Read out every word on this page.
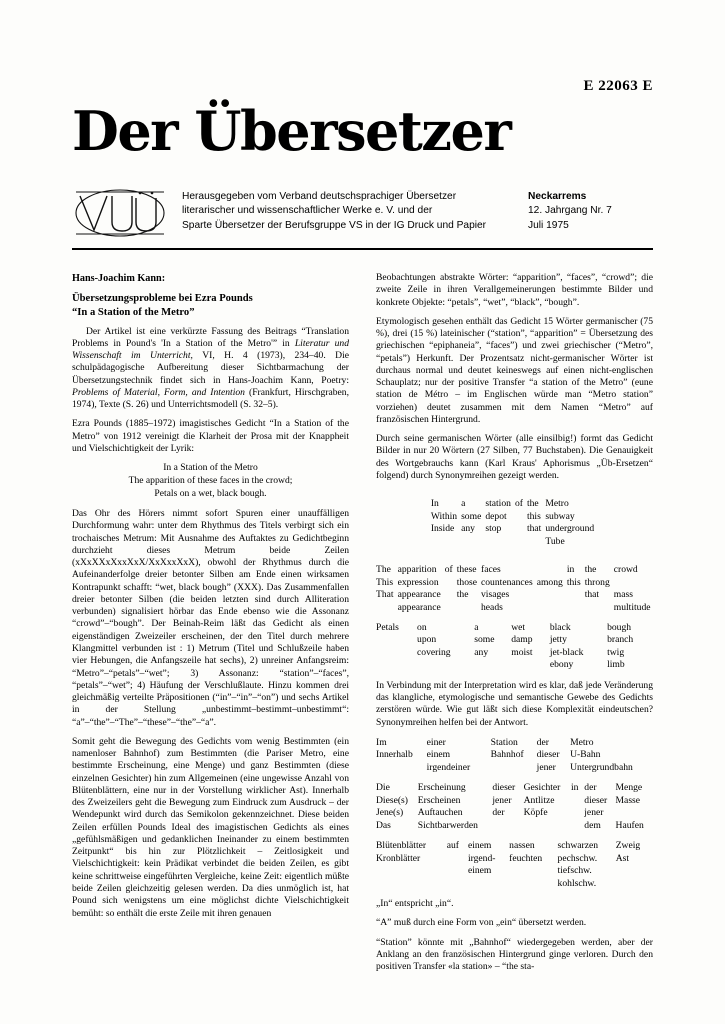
E 22063 E
Der Übersetzer
Herausgegeben vom Verband deutschsprachiger Übersetzer
literarischer und wissenschaftlicher Werke e. V. und der
Sparte Übersetzer der Berufsgruppe VS in der IG Druck und Papier
Neckarrems
12. Jahrgang Nr. 7
Juli 1975
Hans-Joachim Kann:
Übersetzungsprobleme bei Ezra Pounds
“In a Station of the Metro”

Der Artikel ist eine verkürzte Fassung des Beitrags “Translation Problems in Pound's 'In a Station of the Metro'” in Literatur und Wissenschaft im Unterricht, VI, H. 4 (1973), 234–40. Die schulpädagogische Aufbereitung dieser Sichtbarmachung der Übersetzungstechnik findet sich in Hans-Joachim Kann, Poetry: Problems of Material, Form, and Intention (Frankfurt, Hirschgraben, 1974), Texte (S. 26) und Unterrichtsmodell (S. 32–5).

Ezra Pounds (1885–1972) imagistisches Gedicht “In a Station of the Metro” von 1912 vereinigt die Klarheit der Prosa mit der Knappheit und Vielschichtigkeit der Lyrik:

In a Station of the Metro
The apparition of these faces in the crowd;
Petals on a wet, black bough.

Das Ohr des Hörers nimmt sofort Spuren einer unauffälligen Durchformung wahr: unter dem Rhythmus des Titels verbirgt sich ein trochaisches Metrum: Mit Ausnahme des Auftaktes zu Gedichtbeginn durchzieht dieses Metrum beide Zeilen (xXxXXxXxxXxX/XxXxxXxX), obwohl der Rhythmus durch die Aufeinanderfolge dreier betonter Silben am Ende einen wirksamen Kontrapunkt schafft: “wet, black bough” (XXX). Das Zusammenfallen dreier betonter Silben (die beiden letzten sind durch Alliteration verbunden) signalisiert hörbar das Ende ebenso wie die Assonanz “crowd”–“bough”. Der Beinah-Reim läßt das Gedicht als einen eigenständigen Zweizeiler erscheinen, der den Titel durch mehrere Klangmittel verbunden ist : 1) Metrum (Titel und Schlußzeile haben vier Hebungen, die Anfangszeile hat sechs), 2) unreiner Anfangsreim: “Metro”–“petals”–“wet”; 3) Assonanz: “station”–“faces”, “petals”–“wet”; 4) Häufung der Verschlußlaute. Hinzu kommen drei gleichmäßig verteilte Präpositionen (“in”–“in”–“on”) und sechs Artikel in der Stellung „unbestimmt–bestimmt–unbestimmt“: “a”–“the”–“The”–“these”–“the”–“a”.

Somit geht die Bewegung des Gedichts vom wenig Bestimmten (ein namenloser Bahnhof) zum Bestimmten (die Pariser Metro, eine bestimmte Erscheinung, eine Menge) und ganz Bestimmten (diese einzelnen Gesichter) hin zum Allgemeinen (eine ungewisse Anzahl von Blütenblättern, eine nur in der Vorstellung wirklicher Ast). Innerhalb des Zweizeilers geht die Bewegung zum Eindruck zum Ausdruck – der Wendepunkt wird durch das Semikolon gekennzeichnet. Diese beiden Zeilen erfüllen Pounds Ideal des imagistischen Gedichts als eines „gefühlsmäßigen und gedanklichen Ineinander zu einem bestimmten Zeitpunkt“ bis hin zur Plötzlichkeit – Zeitlosigkeit und Vielschichtigkeit: kein Prädikat verbindet die beiden Zeilen, es gibt keine schrittweise eingeführten Vergleiche, keine Zeit: eigentlich müßte beide Zeilen gleichzeitig gelesen werden. Da dies unmöglich ist, hat Pound sich wenigstens um eine möglichst dichte Vielschichtigkeit bemüht: so enthält die erste Zeile mit ihren genauen

Beobachtungen abstrakte Wörter: “apparition”, “faces”, “crowd”; die zweite Zeile in ihren Verallgemeinerungen bestimmte Bilder und konkrete Objekte: “petals”, “wet”, “black”, “bough”.

Etymologisch gesehen enthält das Gedicht 15 Wörter germanischer (75 %), drei (15 %) lateinischer (“station”, “apparition” = Übersetzung des griechischen “epiphaneia”, “faces”) und zwei griechischer (“Metro”, “petals”) Herkunft. Der Prozentsatz nicht-germanischer Wörter ist durchaus normal und deutet keineswegs auf einen nicht-englischen Schauplatz; nur der positive Transfer “a station of the Metro” (eune station de Métro – im Englischen würde man “Metro station” vorziehen) deutet zusammen mit dem Namen “Metro” auf französischen Hintergrund.

Durch seine germanischen Wörter (alle einsilbig!) formt das Gedicht Bilder in nur 20 Wörtern (27 Silben, 77 Buchstaben). Die Genauigkeit des Wortgebrauchs kann (Karl Kraus' Aphorismus „Üb-Ersetzen“ folgend) durch Synonymreihen gezeigt werden.

In	a	station	of	the	Metro
Within	some	depot		this	subway
Inside	any	stop		that	underground
					Tube
The	apparition	of	these	faces		in	the	crowd
This	expression		those	countenances	among	this	throng	
That	appearance		the	visages			that	mass
	appearance			heads				multitude
Petals	on	a	wet	black	bough
	upon	some	damp	jetty	branch
	covering	any	moist	jet-black	twig
				ebony	limb

In Verbindung mit der Interpretation wird es klar, daß jede Veränderung das klangliche, etymologische und semantische Gewebe des Gedichts zerstören würde. Wie gut läßt sich diese Komplexität eindeutschen? Synonymreihen helfen bei der Antwort.

Im	einer		Station	der	Metro
Innerhalb	einem		Bahnhof	dieser	U-Bahn
	irgendeiner			jener	Untergrundbahn
Die	Erscheinung	dieser	Gesichter	in	der	Menge
Diese(s)	Erscheinen	jener	Antlitze		dieser	Masse
Jene(s)	Auftauchen	der	Köpfe		jener	
Das	Sichtbarwerden				dem	Haufen
Blütenblätter	auf	einem	nassen	schwarzen	Zweig
Kronblätter		irgend-	feuchten	pechschw.	Ast
		einem		tiefschw.	
				kohlschw.	

„In“ entspricht „in“.

“A” muß durch eine Form von „ein“ übersetzt werden.

“Station” könnte mit „Bahnhof“ wiedergegeben werden, aber der Anklang an den französischen Hintergrund ginge verloren. Durch den positiven Transfer «la station» – “the sta-
